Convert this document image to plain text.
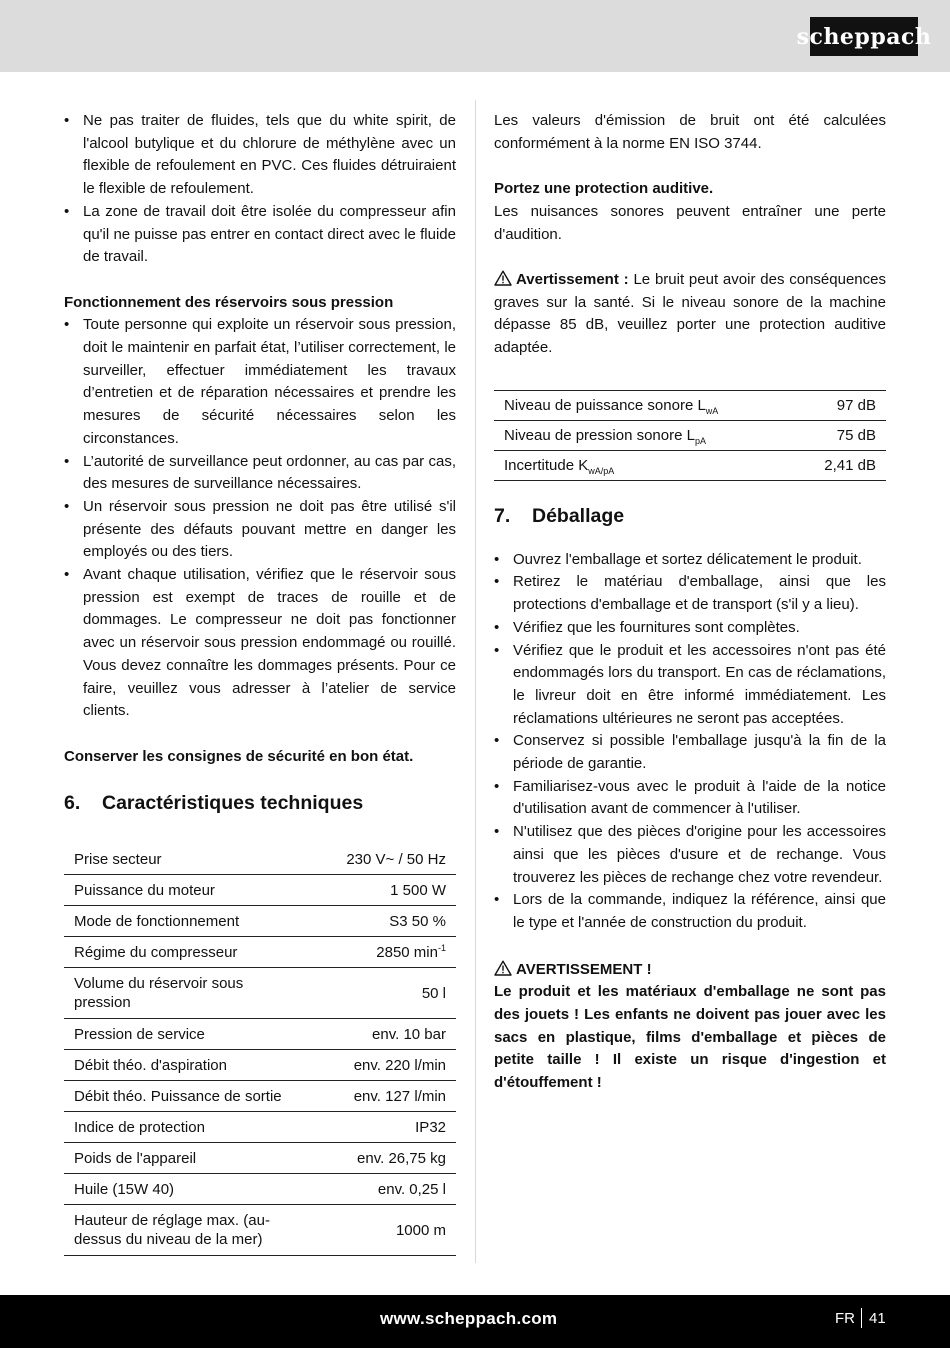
scheppach
• Ne pas traiter de fluides, tels que du white spirit, de l'alcool butylique et du chlorure de méthylène avec un flexible de refoulement en PVC. Ces fluides détruiraient le flexible de refoulement.
• La zone de travail doit être isolée du compresseur afin qu'il ne puisse pas entrer en contact direct avec le fluide de travail.

Fonctionnement des réservoirs sous pression

• Toute personne qui exploite un réservoir sous pression, doit le maintenir en parfait état, l’utiliser correctement, le surveiller, effectuer immédiatement les travaux d’entretien et de réparation nécessaires et prendre les mesures de sécurité nécessaires selon les circonstances.
• L’autorité de surveillance peut ordonner, au cas par cas, des mesures de surveillance nécessaires.
• Un réservoir sous pression ne doit pas être utilisé s'il présente des défauts pouvant mettre en danger les employés ou des tiers.
• Avant chaque utilisation, vérifiez que le réservoir sous pression est exempt de traces de rouille et de dommages. Le compresseur ne doit pas fonctionner avec un réservoir sous pression endommagé ou rouillé. Vous devez connaître les dommages présents. Pour ce faire, veuillez vous adresser à l’atelier de service clients.

Conserver les consignes de sécurité en bon état.

6.	Caractéristiques techniques
Prise secteur	230 V~ / 50 Hz
Puissance du moteur	1 500 W
Mode de fonctionnement	S3 50 %
Régime du compresseur	2850 $\min^{-1}$
Volume du réservoir sous pression	50 l
Pression de service	env. 10 bar
Débit théo. d'aspiration	env. 220 l/min
Débit théo. Puissance de sortie	env. 127 l/min
Indice de protection	IP32
Poids de l'appareil	env. 26,75 kg
Huile (15W 40)	env. 0,25 l
Hauteur de réglage max. (au-dessus du niveau de la mer)	1000 m

Les valeurs d'émission de bruit ont été calculées conformément à la norme EN ISO 3744.

Portez une protection auditive.

Les nuisances sonores peuvent entraîner une perte d'audition.

Avertissement : Le bruit peut avoir des conséquences graves sur la santé. Si le niveau sonore de la machine dépasse 85 dB, veuillez porter une protection auditive adaptée.

Niveau de puissance sonore $L_{wA}$	97 dB
Niveau de pression sonore $L_{pA}$	75 dB
Incertitude $K_{wA/pA}$	2,41 dB
7.	Déballage
• Ouvrez l'emballage et sortez délicatement le produit.
• Retirez le matériau d'emballage, ainsi que les protections d'emballage et de transport (s'il y a lieu).
• Vérifiez que les fournitures sont complètes.
• Vérifiez que le produit et les accessoires n'ont pas été endommagés lors du transport. En cas de réclamations, le livreur doit en être informé immédiatement. Les réclamations ultérieures ne seront pas acceptées.
• Conservez si possible l'emballage jusqu'à la fin de la période de garantie.
• Familiarisez-vous avec le produit à l'aide de la notice d'utilisation avant de commencer à l'utiliser.
• N'utilisez que des pièces d'origine pour les accessoires ainsi que les pièces d'usure et de rechange. Vous trouverez les pièces de rechange chez votre revendeur.
• Lors de la commande, indiquez la référence, ainsi que le type et l'année de construction du produit.

AVERTISSEMENT !

Le produit et les matériaux d'emballage ne sont pas des jouets ! Les enfants ne doivent pas jouer avec les sacs en plastique, films d'emballage et pièces de petite taille ! Il existe un risque d'ingestion et d'étouffement !

www.scheppach.com	FR 41
